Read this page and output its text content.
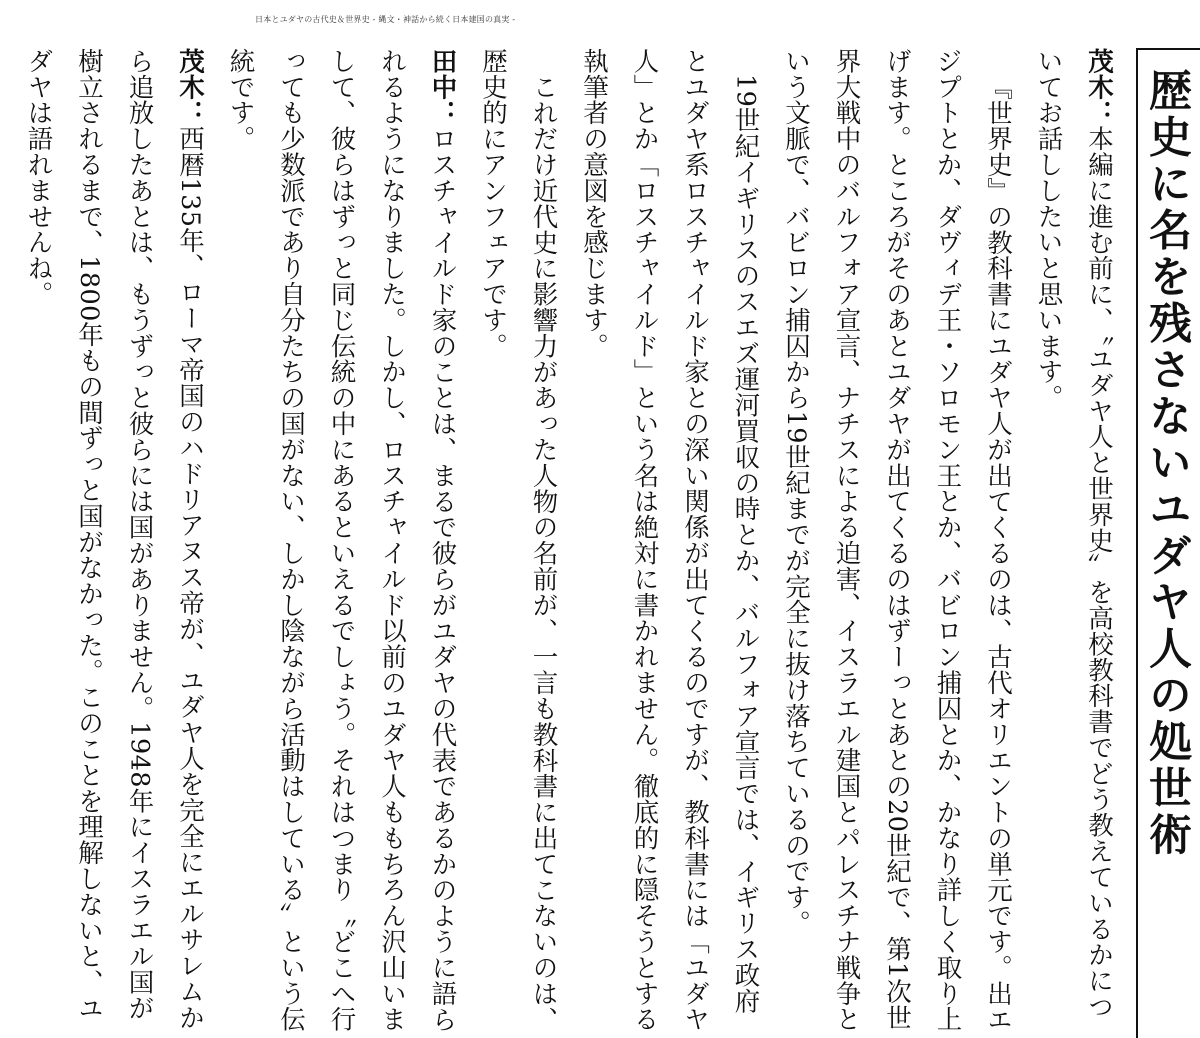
日本とユダヤの古代史＆世界史 - 縄文・神話から続く日本建国の真実 -
歴史に名を残さないユダヤ人の処世術

茂木：本編に進む前に、〝ユダヤ人と世界史〟を高校教科書でどう教えているかについてお話ししたいと思います。

『世界史』の教科書にユダヤ人が出てくるのは、古代オリエントの単元です。出エジプトとか、ダヴィデ王・ソロモン王とか、バビロン捕囚とか、かなり詳しく取り上げます。ところがそのあとユダヤが出てくるのはずーっとあとの20世紀で、第1次世界大戦中のバルフォア宣言、ナチスによる迫害、イスラエル建国とパレスチナ戦争という文脈で、バビロン捕囚から19世紀までが完全に抜け落ちているのです。

19世紀イギリスのスエズ運河買収の時とか、バルフォア宣言では、イギリス政府とユダヤ系ロスチャイルド家との深い関係が出てくるのですが、教科書には「ユダヤ人」とか「ロスチャイルド」という名は絶対に書かれません。徹底的に隠そうとする執筆者の意図を感じます。

これだけ近代史に影響力があった人物の名前が、一言も教科書に出てこないのは、歴史的にアンフェアです。

田中：ロスチャイルド家のことは、まるで彼らがユダヤの代表であるかのように語られるようになりました。しかし、ロスチャイルド以前のユダヤ人ももちろん沢山いまして、彼らはずっと同じ伝統の中にあるといえるでしょう。それはつまり〝どこへ行っても少数派であり自分たちの国がない、しかし陰ながら活動はしている〟という伝統です。

茂木：西暦135年、ローマ帝国のハドリアヌス帝が、ユダヤ人を完全にエルサレムから追放したあとは、もうずっと彼らには国がありません。1948年にイスラエル国が樹立されるまで、1800年もの間ずっと国がなかった。このことを理解しないと、ユダヤは語れませんね。
